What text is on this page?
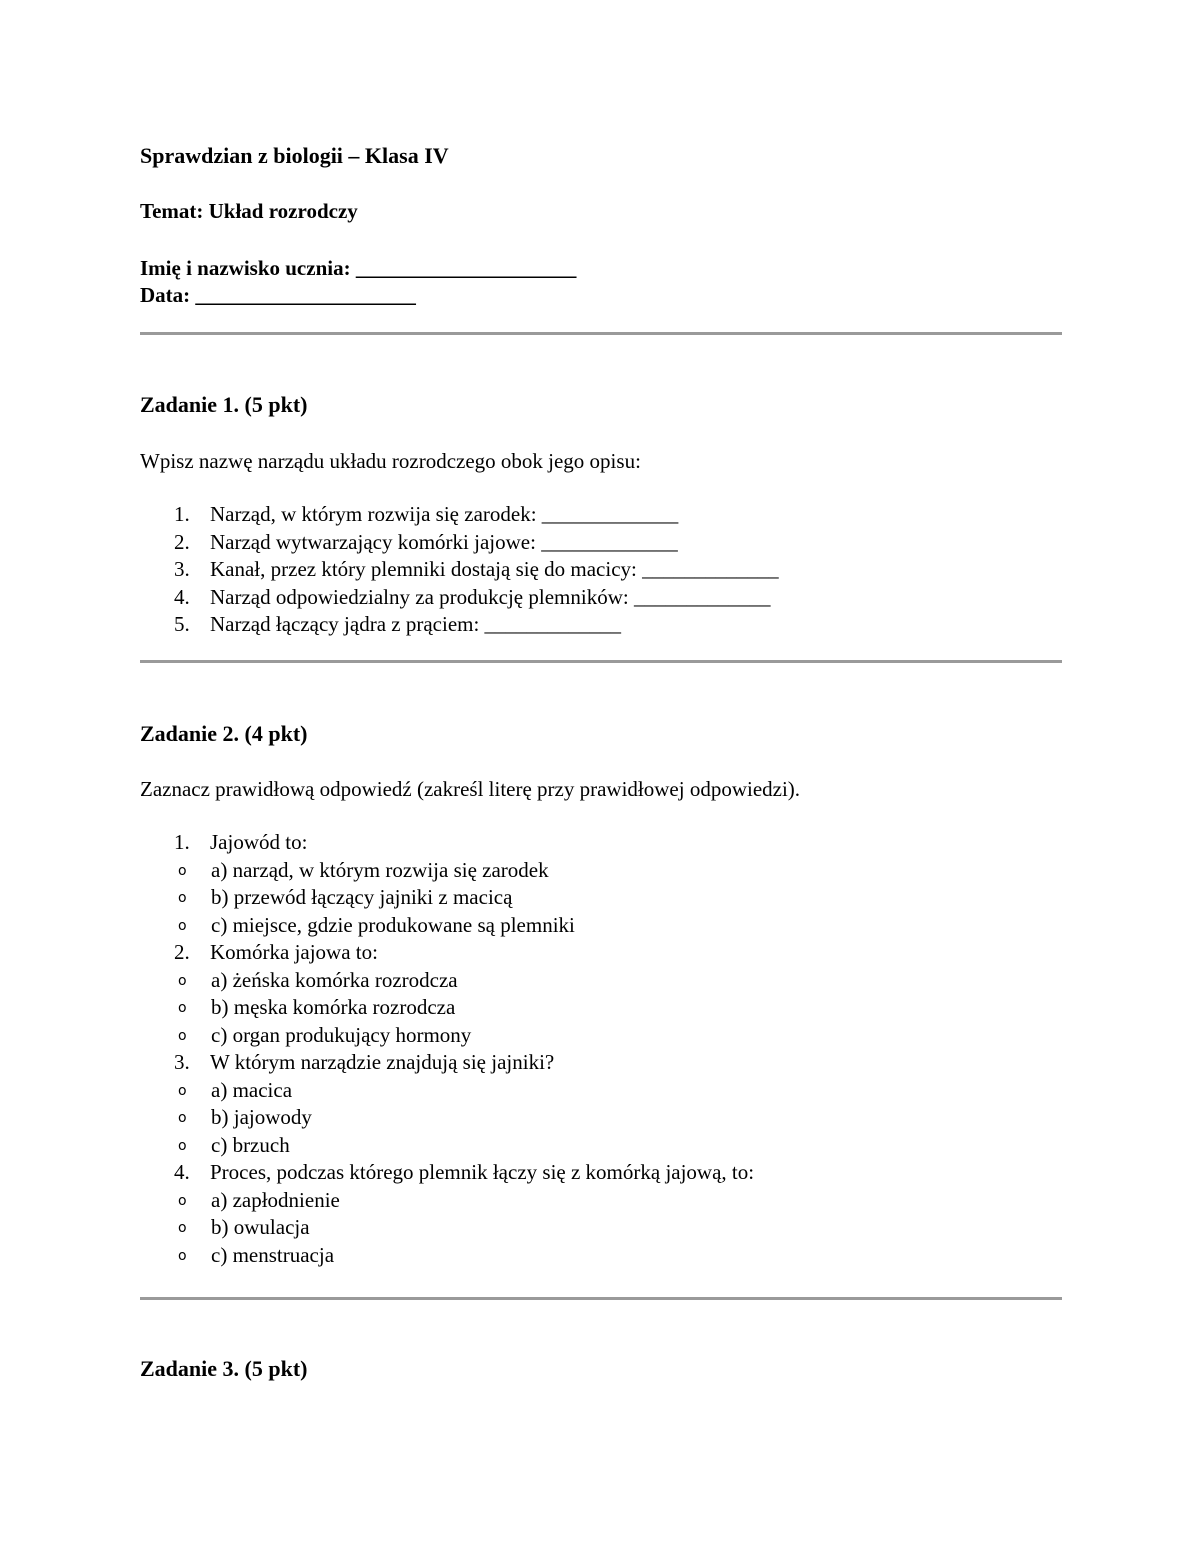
Sprawdzian z biologii – Klasa IV
Temat: Układ rozrodczy
Imię i nazwisko ucznia: _____________________
Data: _____________________
Zadanie 1. (5 pkt)
Wpisz nazwę narządu układu rozrodczego obok jego opisu:
1. Narząd, w którym rozwija się zarodek: _____________
2. Narząd wytwarzający komórki jajowe: _____________
3. Kanał, przez który plemniki dostają się do macicy: _____________
4. Narząd odpowiedzialny za produkcję plemników: _____________
5. Narząd łączący jądra z prąciem: _____________
Zadanie 2. (4 pkt)
Zaznacz prawidłową odpowiedź (zakreśl literę przy prawidłowej odpowiedzi).
1. Jajowód to:
o a) narząd, w którym rozwija się zarodek
o b) przewód łączący jajniki z macicą
o c) miejsce, gdzie produkowane są plemniki
2. Komórka jajowa to:
o a) żeńska komórka rozrodcza
o b) męska komórka rozrodcza
o c) organ produkujący hormony
3. W którym narządzie znajdują się jajniki?
o a) macica
o b) jajowody
o c) brzuch
4. Proces, podczas którego plemnik łączy się z komórką jajową, to:
o a) zapłodnienie
o b) owulacja
o c) menstruacja
Zadanie 3. (5 pkt)
